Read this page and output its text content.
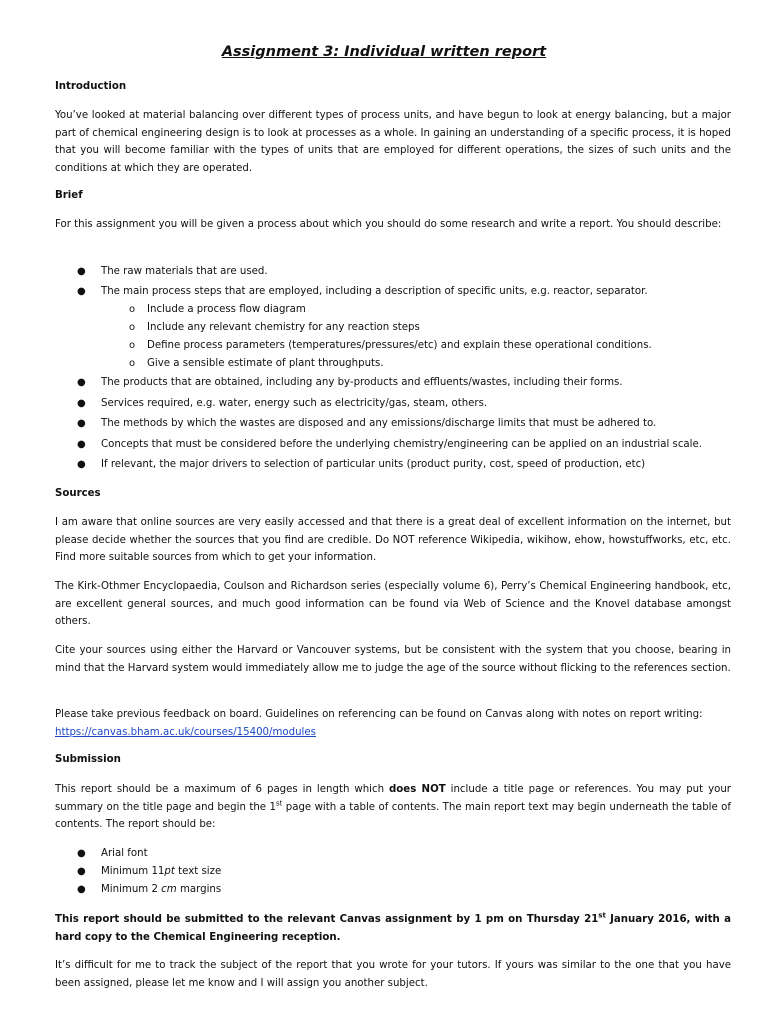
Assignment 3: Individual written report
Introduction
You’ve looked at material balancing over different types of process units, and have begun to look at energy balancing, but a major part of chemical engineering design is to look at processes as a whole. In gaining an understanding of a specific process, it is hoped that you will become familiar with the types of units that are employed for different operations, the sizes of such units and the conditions at which they are operated.
Brief
For this assignment you will be given a process about which you should do some research and write a report. You should describe:
● The raw materials that are used.
● The main process steps that are employed, including a description of specific units, e.g. reactor, separator.
o Include a process flow diagram
o Include any relevant chemistry for any reaction steps
o Define process parameters (temperatures/pressures/etc) and explain these operational conditions.
o Give a sensible estimate of plant throughputs.
● The products that are obtained, including any by-products and effluents/wastes, including their forms.
● Services required, e.g. water, energy such as electricity/gas, steam, others.
● The methods by which the wastes are disposed and any emissions/discharge limits that must be adhered to.
● Concepts that must be considered before the underlying chemistry/engineering can be applied on an industrial scale.
● If relevant, the major drivers to selection of particular units (product purity, cost, speed of production, etc)
Sources
I am aware that online sources are very easily accessed and that there is a great deal of excellent information on the internet, but please decide whether the sources that you find are credible. Do NOT reference Wikipedia, wikihow, ehow, howstuffworks, etc, etc. Find more suitable sources from which to get your information.
The Kirk-Othmer Encyclopaedia, Coulson and Richardson series (especially volume 6), Perry’s Chemical Engineering handbook, etc, are excellent general sources, and much good information can be found via Web of Science and the Knovel database amongst others.
Cite your sources using either the Harvard or Vancouver systems, but be consistent with the system that you choose, bearing in mind that the Harvard system would immediately allow me to judge the age of the source without flicking to the references section.
Please take previous feedback on board. Guidelines on referencing can be found on Canvas along with notes on report writing:
https://canvas.bham.ac.uk/courses/15400/modules
Submission
This report should be a maximum of 6 pages in length which does NOT include a title page or references. You may put your summary on the title page and begin the 1st page with a table of contents. The main report text may begin underneath the table of contents. The report should be:
● Arial font
● Minimum 11pt text size
● Minimum 2 cm margins
This report should be submitted to the relevant Canvas assignment by 1 pm on Thursday 21st January 2016, with a hard copy to the Chemical Engineering reception.
It’s difficult for me to track the subject of the report that you wrote for your tutors. If yours was similar to the one that you have been assigned, please let me know and I will assign you another subject.
